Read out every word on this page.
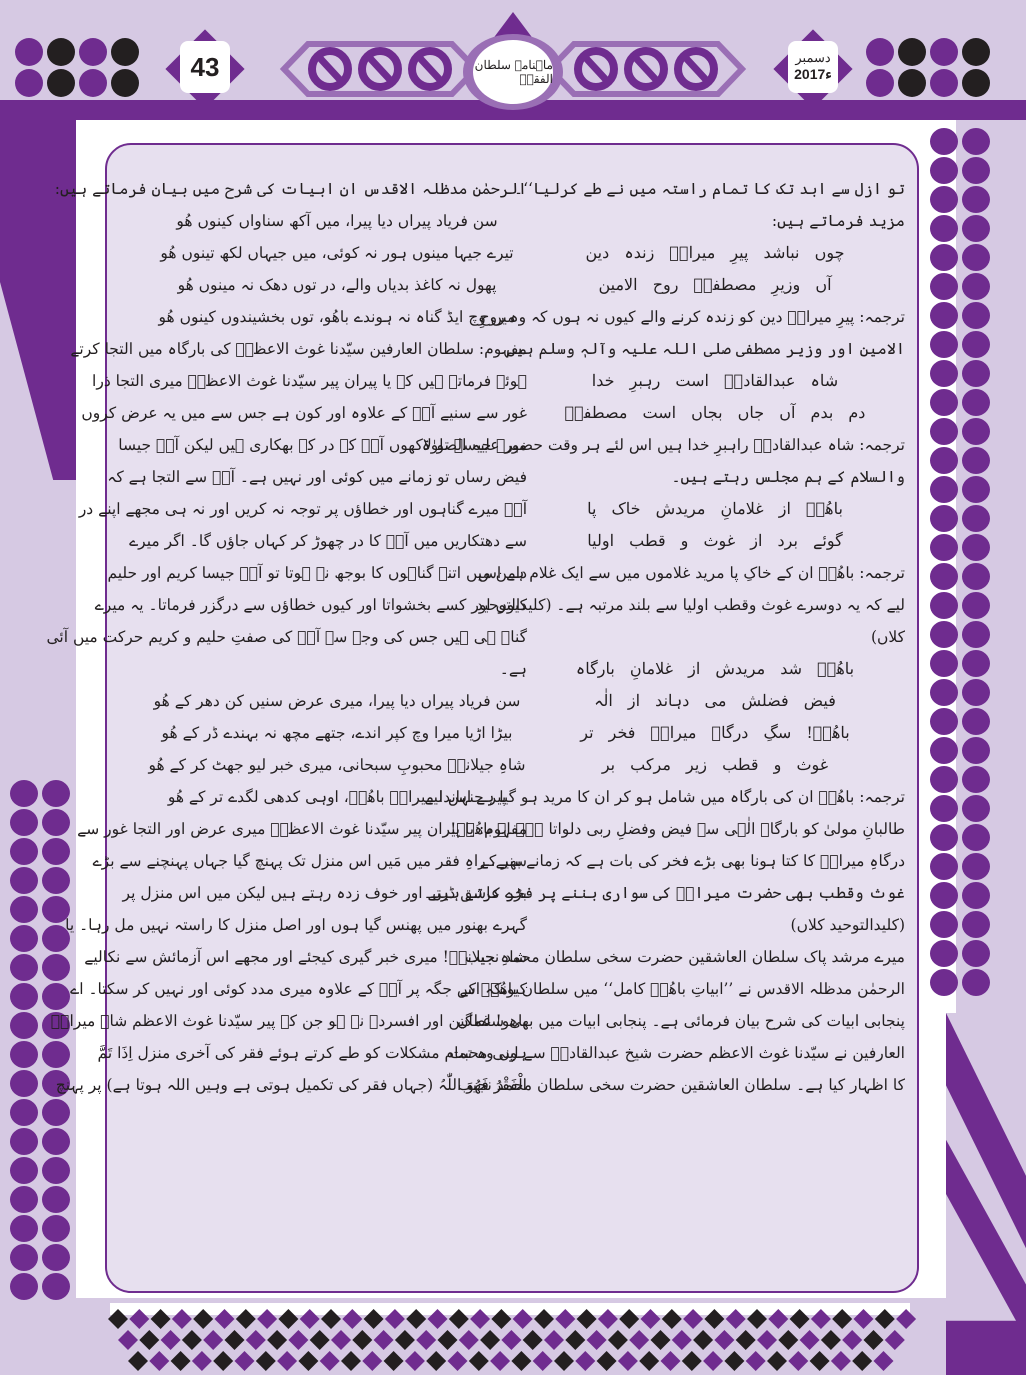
43	ماہنامہ سلطان الفقرؒ
دسمبر
2017ء
تو ازل سے ابد تک کا تمام راستہ میں نے طے کرلیا‘‘۔
مزید فرماتے ہیں:
چوں نباشد پیرِ میرانؒ زندہ دین
آں وزیرِ مصطفیؐ روح الامین
ترجمہ: پیرِ میرانؒ دین کو زندہ کرنے والے کیوں نہ ہوں کہ وہ روح
الامین اور وزیر مصطفی صلی اللہ علیہ وآلہٖ وسلم ہیں۔
شاہ عبدالقادرؒ است رہبرِ خدا
دم بدم آں جاں بجاں است مصطفیؐ
ترجمہ: شاہ عبدالقادرؒ راہبرِ خدا ہیں اس لئے ہر وقت حضور علیہ الصلوٰۃ
والسلام کے ہم مجلس رہتے ہیں۔
باھُوؒ از غلامانِ مریدش خاک پا
گوئے برد از غوث و قطب اولیا
ترجمہ: باھُوؒ ان کے خاکِ پا مرید غلاموں میں سے ایک غلام ہے اس
لیے کہ یہ دوسرے غوث وقطب اولیا سے بلند مرتبہ ہے۔ (کلیدالتوحید
کلاں)
باھُوؒ شد مریدش از غلامانِ بارگاہ
فیض فضلش می دہاند از الٰہ
باھُوؒ! سگِ درگاہ میرانؒ فخر تر
غوث و قطب زیر مرکب بر
ترجمہ: باھُوؒ ان کی بارگاہ میں شامل ہو کر ان کا مرید ہو گیا ہے اس لیے
طالبانِ مولیٰ کو بارگاہ الٰہی سے فیض وفضلِ ربی دلواتا ہے۔ اے باھُوؒ!
درگاہِ میرانؒ کا کتا ہونا بھی بڑے فخر کی بات ہے کہ زمانے بھر کے
غوث وقطب بھی حضرت میرانؒ کی سواری بننے پر فخر کرتے ہیں۔
(کلیدالتوحید کلاں)
میرے مرشد پاک سلطان العاشقین حضرت سخی سلطان محمد نجیب
الرحمٰن مدظلہ الاقدس نے ’’ابیاتِ باھُوؒ کامل‘‘ میں سلطان باھُوؒ کے
پنجابی ابیات کی شرح بیان فرمائی ہے۔ پنجابی ابیات میں بھی سلطان
العارفین نے سیّدنا غوث الاعظم حضرت شیخ عبدالقادرؒ سے اپنی محبت
کا اظہار کیا ہے۔ سلطان العاشقین حضرت سخی سلطان محمد نجیب
الرحمٰن مدظلہ الاقدس ان ابیات کی شرح میں بیان فرماتے ہیں:
سن فریاد پیراں دیا پیرا، میں آکھ سناواں کینوں ھُو
تیرے جیہا مینوں ہور نہ کوئی، میں جیہاں لکھ تینوں ھُو
پھول نہ کاغذ بدیاں والے، در توں دھک نہ مینوں ھُو
میں وِچ ایڈ گناہ نہ ہوندے باھُو، توں بخشیندوں کینوں ھُو
مفہوم: سلطان العارفین سیّدنا غوث الاعظمؓ کی بارگاہ میں التجا کرتے
ہوئے فرماتے ہیں کہ یا پیران پیر سیّدنا غوث الاعظمؓ میری التجا ذرا
غور سے سنیے آپؓ کے علاوہ اور کون ہے جس سے میں یہ عرض کروں
میرے جیسے تو لاکھوں آپؓ کے در کے بھکاری ہیں لیکن آپؓ جیسا
فیض رساں تو زمانے میں کوئی اور نہیں ہے۔ آپؓ سے التجا ہے کہ
آپؓ میرے گناہوں اور خطاؤں پر توجہ نہ کریں اور نہ ہی مجھے اپنے در
سے دھتکاریں میں آپؓ کا در چھوڑ کر کہاں جاؤں گا۔ اگر میرے
دامن میں اتنے گناہوں کا بوجھ نہ ہوتا تو آپؓ جیسا کریم اور حلیم
کیوں اور کسے بخشواتا اور کیوں خطاؤں سے درگزر فرماتا۔ یہ میرے
گناہ ہی ہیں جس کی وجہ سے آپؓ کی صفتِ حلیم و کریم حرکت میں آئی
ہے۔
سن فریاد پیراں دیا پیرا، میری عرض سنیں کن دھر کے ھُو
بیڑا اڑیا میرا وچ کپر اندے، جتھے مچھ نہ بہندے ڈر کے ھُو
شاہِ جیلانیؓ محبوبِ سبحانی، میری خبر لیو جھٹ کر کے ھُو
پیر جنہاندا میرانؒ باھُوؒ، اوہی کدھی لگدے تر کے ھُو
مفہوم: یا پیران پیر سیّدنا غوث الاعظمؓ میری عرض اور التجا غور سے
سنیے، راہِ فقر میں مَیں اس منزل تک پہنچ گیا جہاں پہنچنے سے بڑے
بڑے عاشق ڈرتے اور خوف زدہ رہتے ہیں لیکن میں اس منزل پر
گہرے بھنور میں پھنس گیا ہوں اور اصل منزل کا راستہ نہیں مل رہا۔ یا
شاہِ جیلانیؓ! میری خبر گیری کیجئے اور مجھے اس آزمائش سے نکالیے
کیونکہ اس جگہ پر آپؓ کے علاوہ میری مدد کوئی اور نہیں کر سکتا۔ اے
باھو! غمگین اور افسردہ نہ ہو جن کے پیر سیّدنا غوث الاعظم شاہ میرانؒ
ہوں وہ تمام مشکلات کو طے کرتے ہوئے فقر کی آخری منزل اِذَا تَمَّ
الْفَقْرُ فَھُوَ اللّٰہُ (جہاں فقر کی تکمیل ہوتی ہے وہیں اللہ ہوتا ہے) پر پہنچ
